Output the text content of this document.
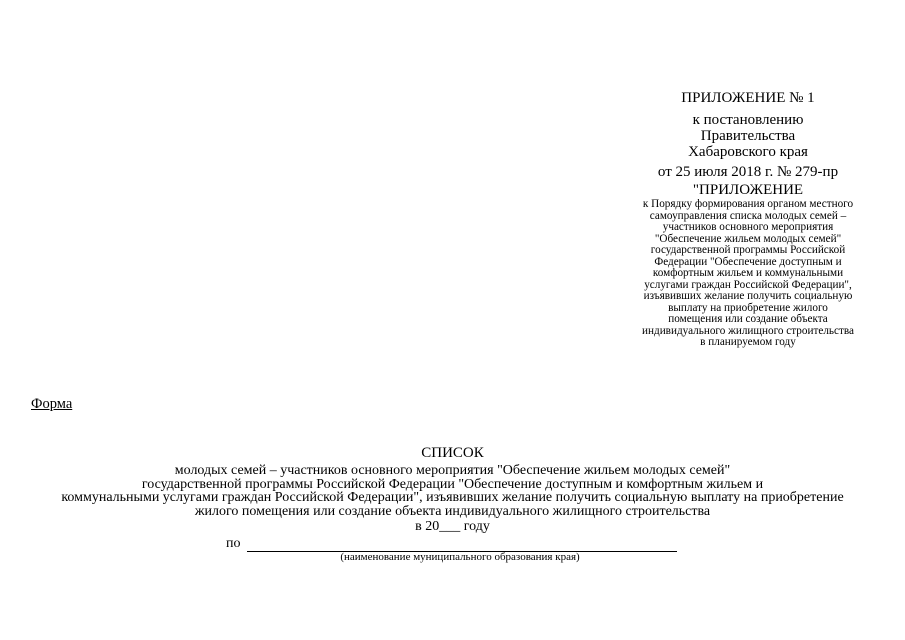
ПРИЛОЖЕНИЕ № 1
к постановлению
Правительства
Хабаровского края
от 25 июля 2018 г. № 279-пр
"ПРИЛОЖЕНИЕ
к Порядку формирования органом местного
самоуправления списка молодых семей –
участников основного мероприятия
"Обеспечение жильем молодых семей"
государственной программы Российской
Федерации "Обеспечение доступным и
комфортным жильем и коммунальными
услугами граждан Российской Федерации",
изъявивших желание получить социальную
выплату на приобретение жилого
помещения или создание объекта
индивидуального жилищного строительства
в планируемом году
Форма
СПИСОК
молодых семей – участников основного мероприятия "Обеспечение жильем молодых семей"
государственной программы Российской Федерации "Обеспечение доступным и комфортным жильем и
коммунальными услугами граждан Российской Федерации", изъявивших желание получить социальную выплату на приобретение
жилого помещения или создание объекта индивидуального жилищного строительства
в 20___ году
по
(наименование муниципального образования края)
